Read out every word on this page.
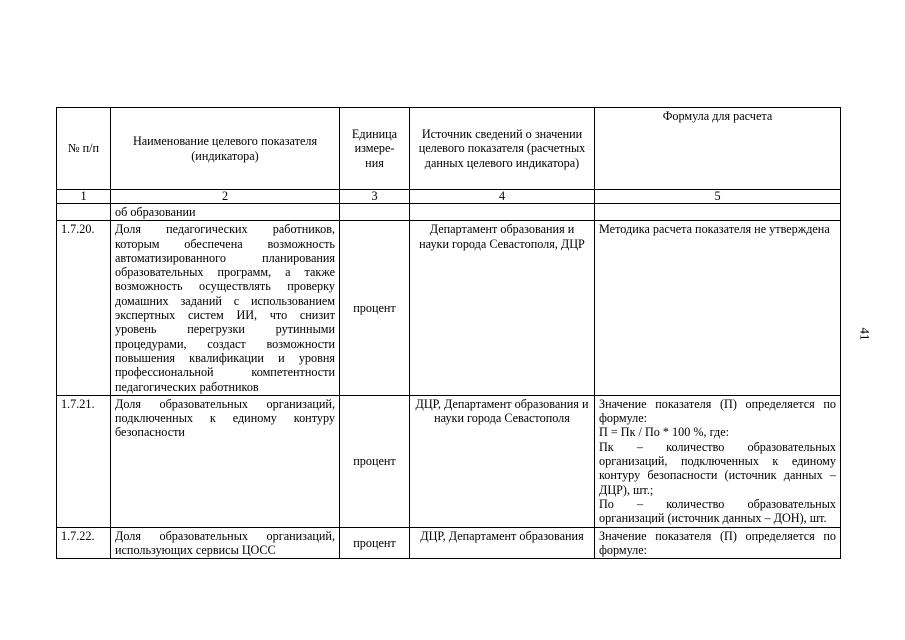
41
№ п/п	Наименование целевого показателя (индикатора)	Единица измере- ния	Источник сведений о значении целевого показателя (расчетных данных целевого индикатора)	Формула для расчета
1	2	3	4	5
	об образовании			
1.7.20.	Доля педагогических работников, которым обеспечена возможность автоматизированного планирования образовательных программ, а также возможность осуществлять проверку домашних заданий с использованием экспертных систем ИИ, что снизит уровень перегрузки рутинными процедурами, создаст возможности повышения квалификации и уровня профессиональной компетентности педагогических работников	процент	Департамент образования и науки города Севастополя, ДЦР	Методика расчета показателя не утверждена
1.7.21.	Доля образовательных организаций, подключенных к единому контуру безопасности	процент	ДЦР, Департамент образования и науки города Севастополя	Значение показателя (П) определяется по формуле:
П = Пк / По * 100 %, где:
Пк – количество образовательных организаций, подключенных к единому контуру безопасности (источник данных – ДЦР), шт.;
По – количество образовательных организаций (источник данных – ДОН), шт.

1.7.22.	Доля образовательных организаций, использующих сервисы ЦОСС	процент	ДЦР, Департамент образования	Значение показателя (П) определяется по формуле:
